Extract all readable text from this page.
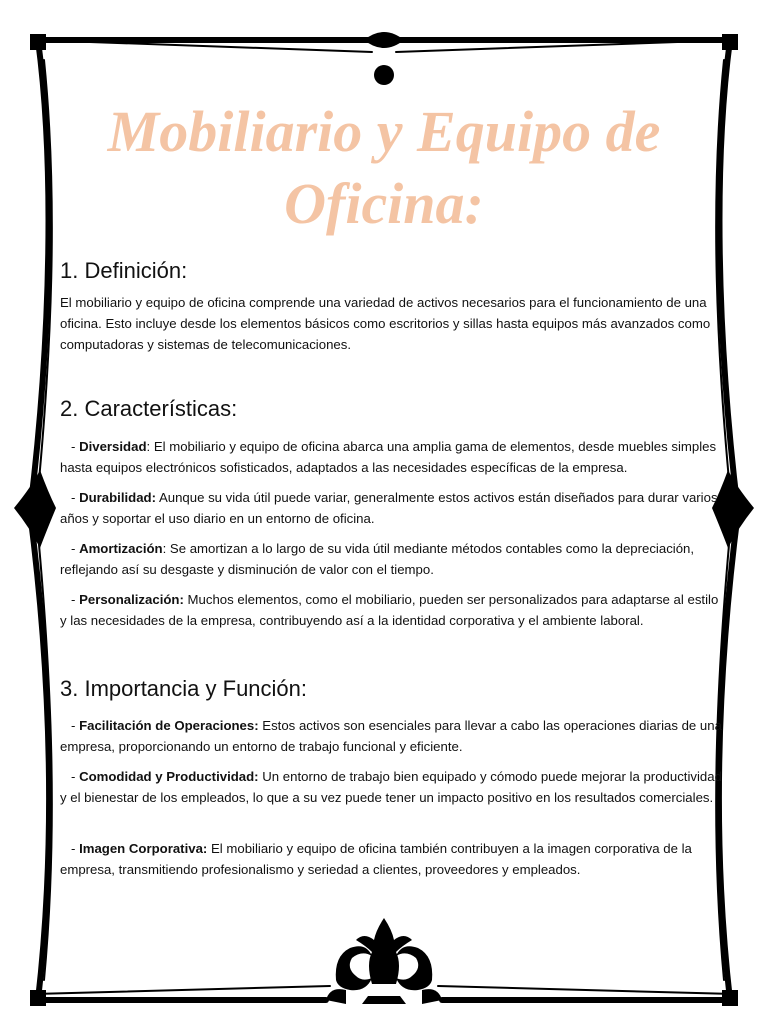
Mobiliario y Equipo de
Oficina:
1. Definición:

El mobiliario y equipo de oficina comprende una variedad de activos necesarios para el funcionamiento de una oficina. Esto incluye desde los elementos básicos como escritorios y sillas hasta equipos más avanzados como computadoras y sistemas de telecomunicaciones.

2. Características:

- Diversidad: El mobiliario y equipo de oficina abarca una amplia gama de elementos, desde muebles simples hasta equipos electrónicos sofisticados, adaptados a las necesidades específicas de la empresa.

- Durabilidad: Aunque su vida útil puede variar, generalmente estos activos están diseñados para durar varios años y soportar el uso diario en un entorno de oficina.

- Amortización: Se amortizan a lo largo de su vida útil mediante métodos contables como la depreciación, reflejando así su desgaste y disminución de valor con el tiempo.

- Personalización: Muchos elementos, como el mobiliario, pueden ser personalizados para adaptarse al estilo y las necesidades de la empresa, contribuyendo así a la identidad corporativa y el ambiente laboral.

3. Importancia y Función:

- Facilitación de Operaciones: Estos activos son esenciales para llevar a cabo las operaciones diarias de una empresa, proporcionando un entorno de trabajo funcional y eficiente.

- Comodidad y Productividad: Un entorno de trabajo bien equipado y cómodo puede mejorar la productividad y el bienestar de los empleados, lo que a su vez puede tener un impacto positivo en los resultados comerciales.

- Imagen Corporativa: El mobiliario y equipo de oficina también contribuyen a la imagen corporativa de la empresa, transmitiendo profesionalismo y seriedad a clientes, proveedores y empleados.
